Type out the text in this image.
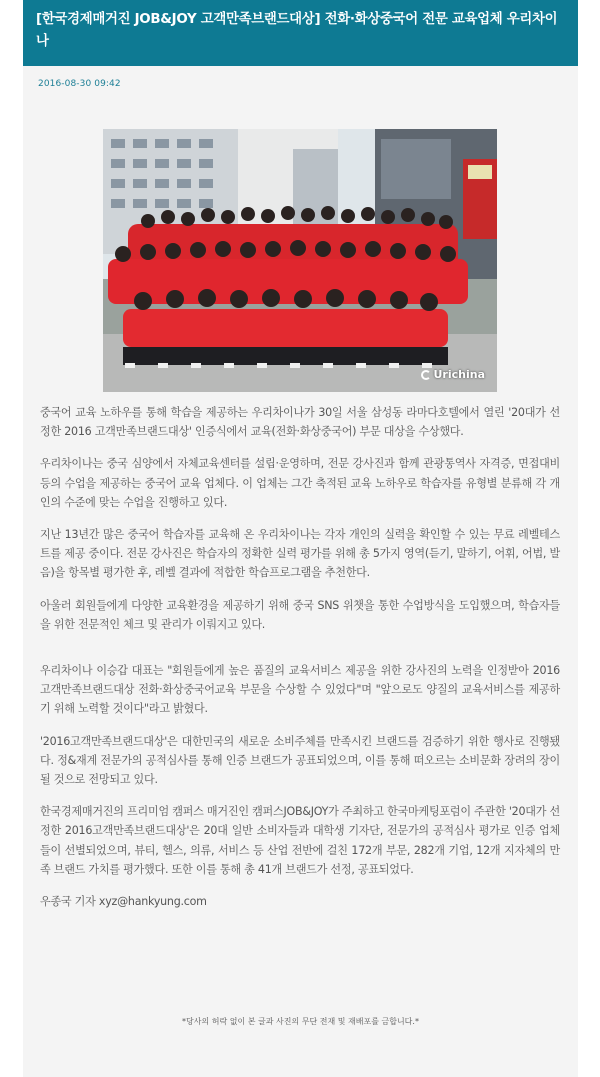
[한국경제매거진 JOB&JOY 고객만족브랜드대상] 전화·화상중국어 전문 교육업체 우리차이나
2016-08-30 09:42
Urichina

중국어 교육 노하우를 통해 학습을 제공하는 우리차이나가 30일 서울 삼성동 라마다호텔에서 열린 '20대가 선정한 2016 고객만족브랜드대상' 인증식에서 교육(전화·화상중국어) 부문 대상을 수상했다.

우리차이나는 중국 심양에서 자체교육센터를 설립·운영하며, 전문 강사진과 함께 관광통역사 자격증, 면접대비 등의 수업을 제공하는 중국어 교육 업체다. 이 업체는 그간 축적된 교육 노하우로 학습자를 유형별 분류해 각 개인의 수준에 맞는 수업을 진행하고 있다.

지난 13년간 많은 중국어 학습자를 교육해 온 우리차이나는 각자 개인의 실력을 확인할 수 있는 무료 레벨테스트를 제공 중이다. 전문 강사진은 학습자의 정확한 실력 평가를 위해 총 5가지 영역(듣기, 말하기, 어휘, 어법, 발음)을 항목별 평가한 후, 레벨 결과에 적합한 학습프로그램을 추천한다.

아울러 회원들에게 다양한 교육환경을 제공하기 위해 중국 SNS 위챗을 통한 수업방식을 도입했으며, 학습자들을 위한 전문적인 체크 및 관리가 이뤄지고 있다.

우리차이나 이승갑 대표는 "회원들에게 높은 품질의 교육서비스 제공을 위한 강사진의 노력을 인정받아 2016 고객만족브랜드대상 전화·화상중국어교육 부문을 수상할 수 있었다"며 "앞으로도 양질의 교육서비스를 제공하기 위해 노력할 것이다"라고 밝혔다.

'2016고객만족브랜드대상'은 대한민국의 새로운 소비주체를 만족시킨 브랜드를 검증하기 위한 행사로 진행됐다. 정&재계 전문가의 공적심사를 통해 인증 브랜드가 공표되었으며, 이를 통해 떠오르는 소비문화 장려의 장이 될 것으로 전망되고 있다.

한국경제매거진의 프리미엄 캠퍼스 매거진인 캠퍼스JOB&JOY가 주최하고 한국마케팅포럼이 주관한 '20대가 선정한 2016고객만족브랜드대상'은 20대 일반 소비자들과 대학생 기자단, 전문가의 공적심사 평가로 인증 업체들이 선별되었으며, 뷰티, 헬스, 의류, 서비스 등 산업 전반에 걸친 172개 부문, 282개 기업, 12개 지자체의 만족 브랜드 가치를 평가했다. 또한 이를 통해 총 41개 브랜드가 선정, 공표되었다.

우종국 기자 xyz@hankyung.com

*당사의 허락 없이 본 글과 사진의 무단 전재 및 재배포를 금합니다.*
